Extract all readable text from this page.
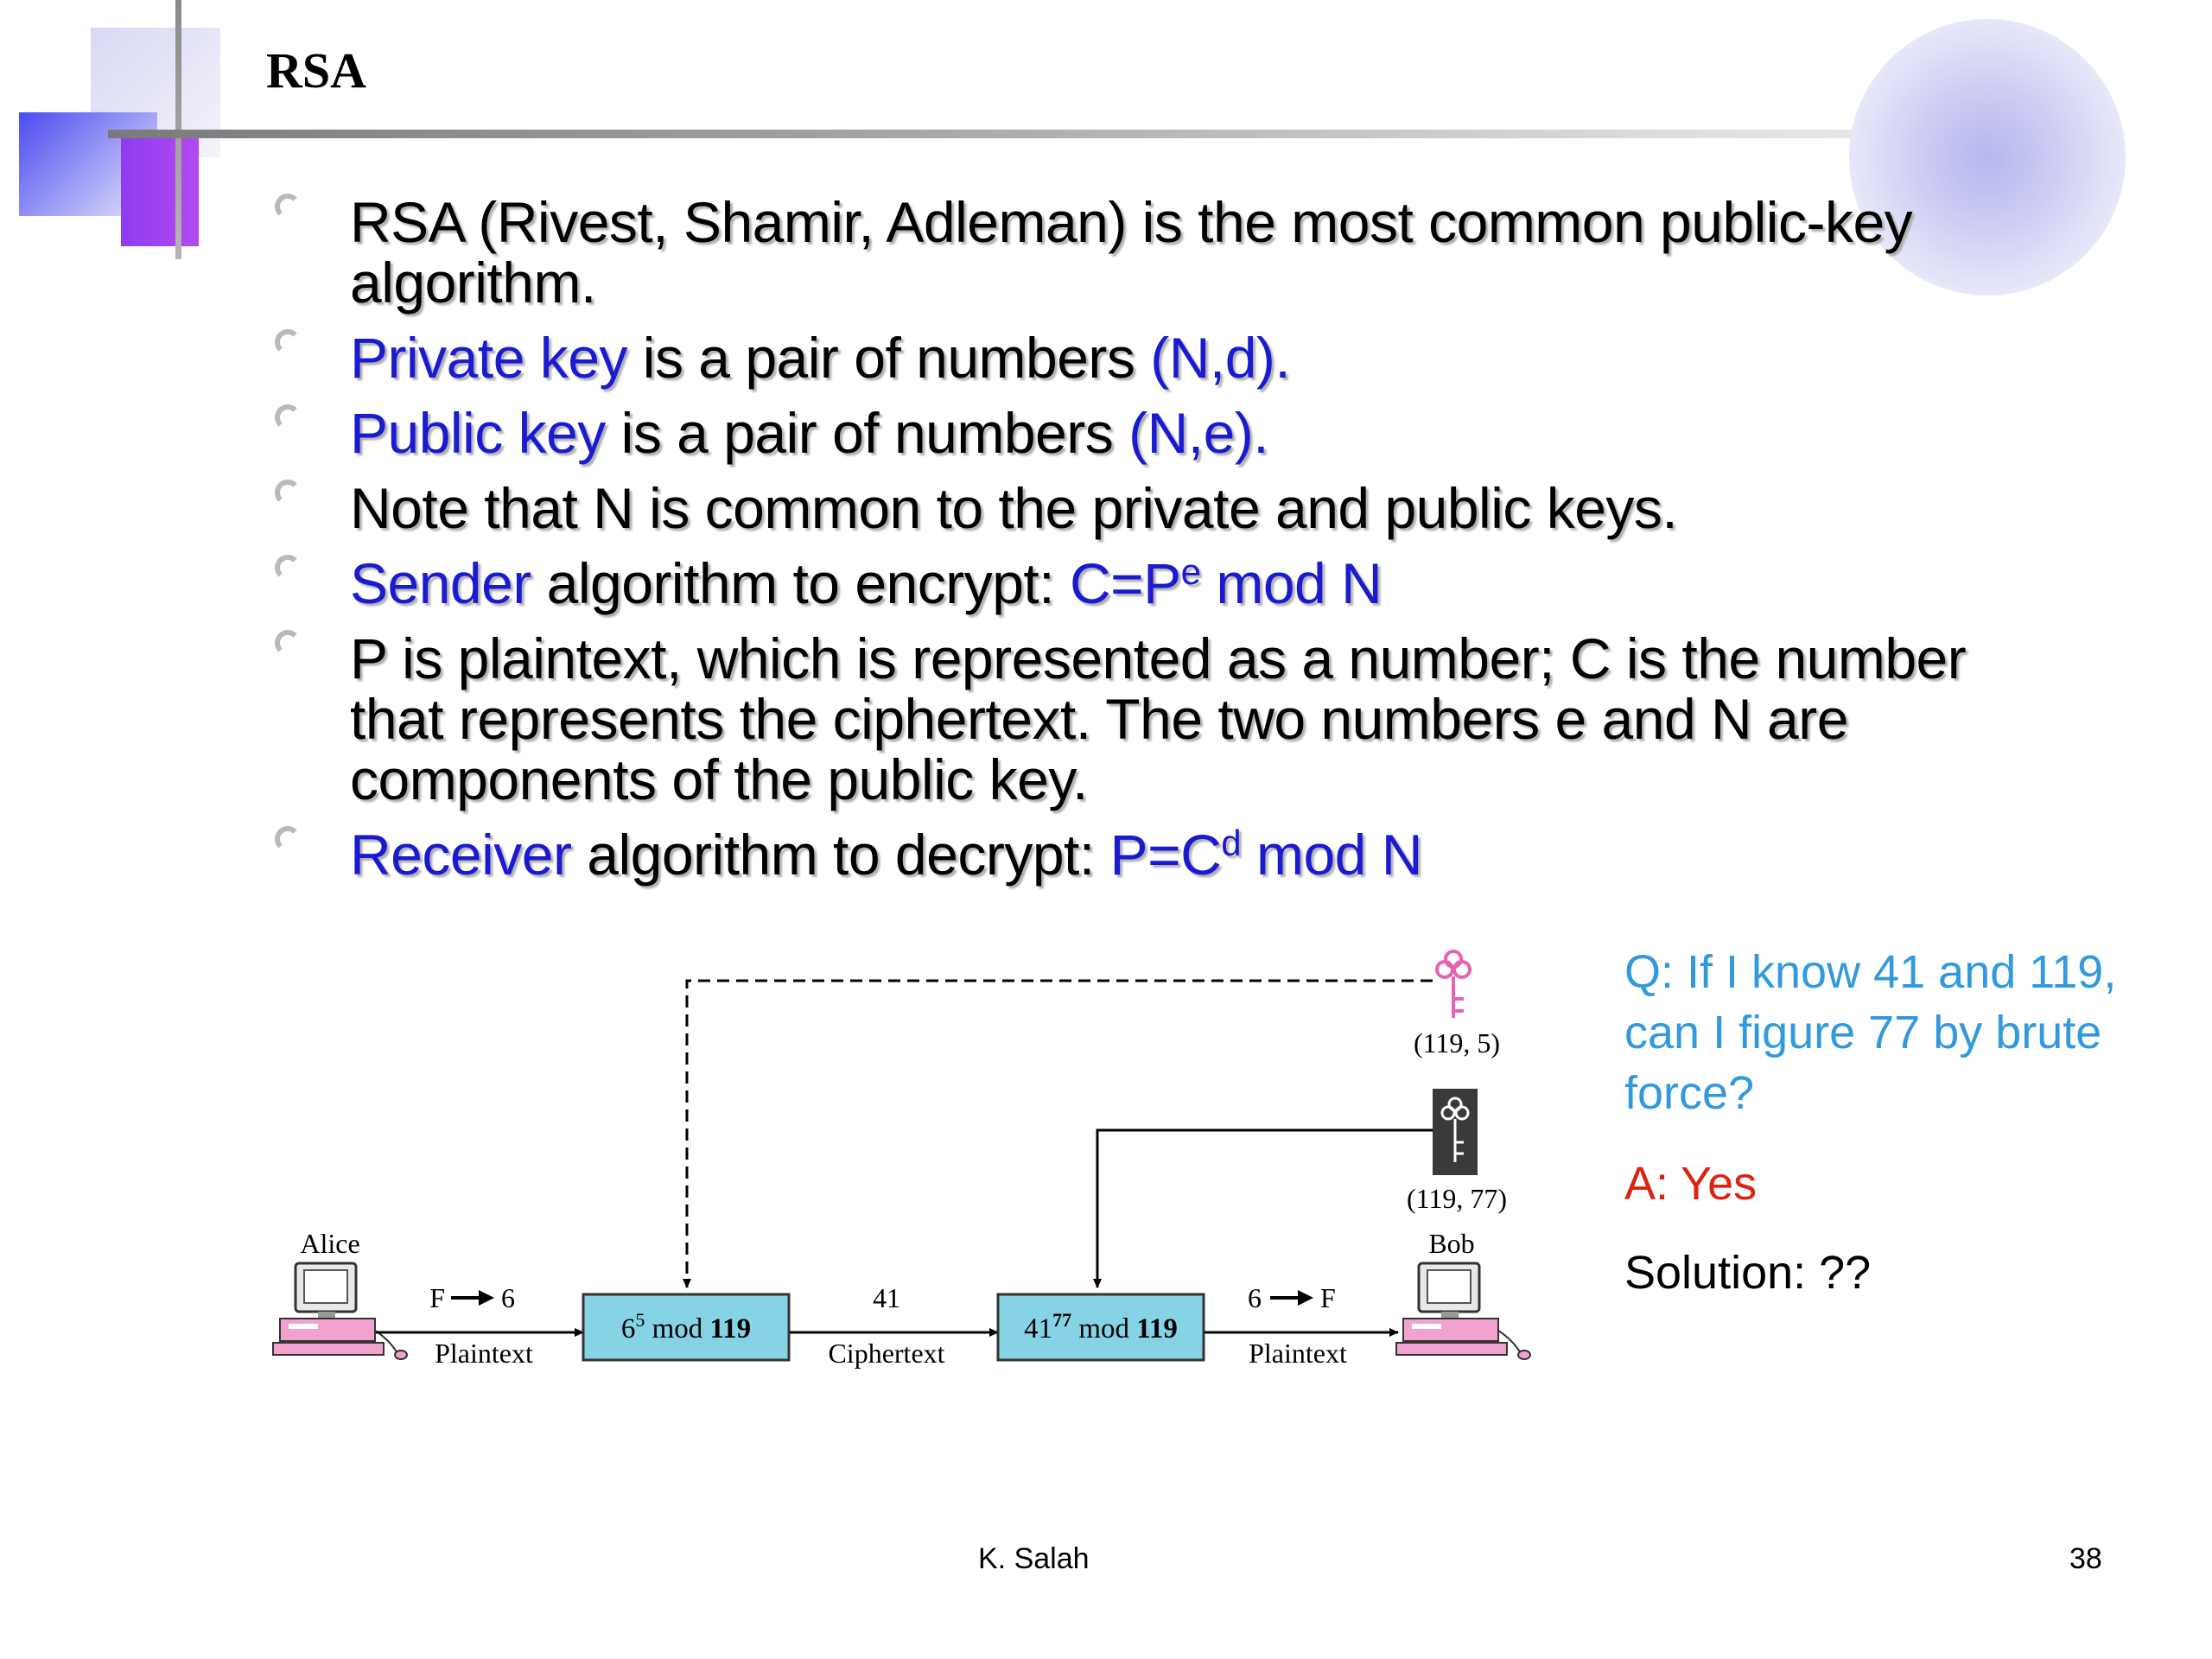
RSA
RSA (Rivest, Shamir, Adleman) is the most common public-key algorithm.
Private key is a pair of numbers (N,d).
Public key is a pair of numbers (N,e).
Note that N is common to the private and public keys.
Sender algorithm to encrypt: $C=P^e$ mod N
P is plaintext, which is represented as a number; C is the number that represents the ciphertext. The two numbers e and N are components of the public key.
Receiver algorithm to decrypt: $P=C^d$ mod N
(119, 5)
(119, 77)
Alice	Bob
F 6
Plaintext
$6^5$ mod 119
41
Ciphertext
$41^{77}$ mod 119
6 F
Plaintext
Q: If I know 41 and 119, can I figure 77 by brute force?
A: Yes
Solution: ??
K. Salah	38
